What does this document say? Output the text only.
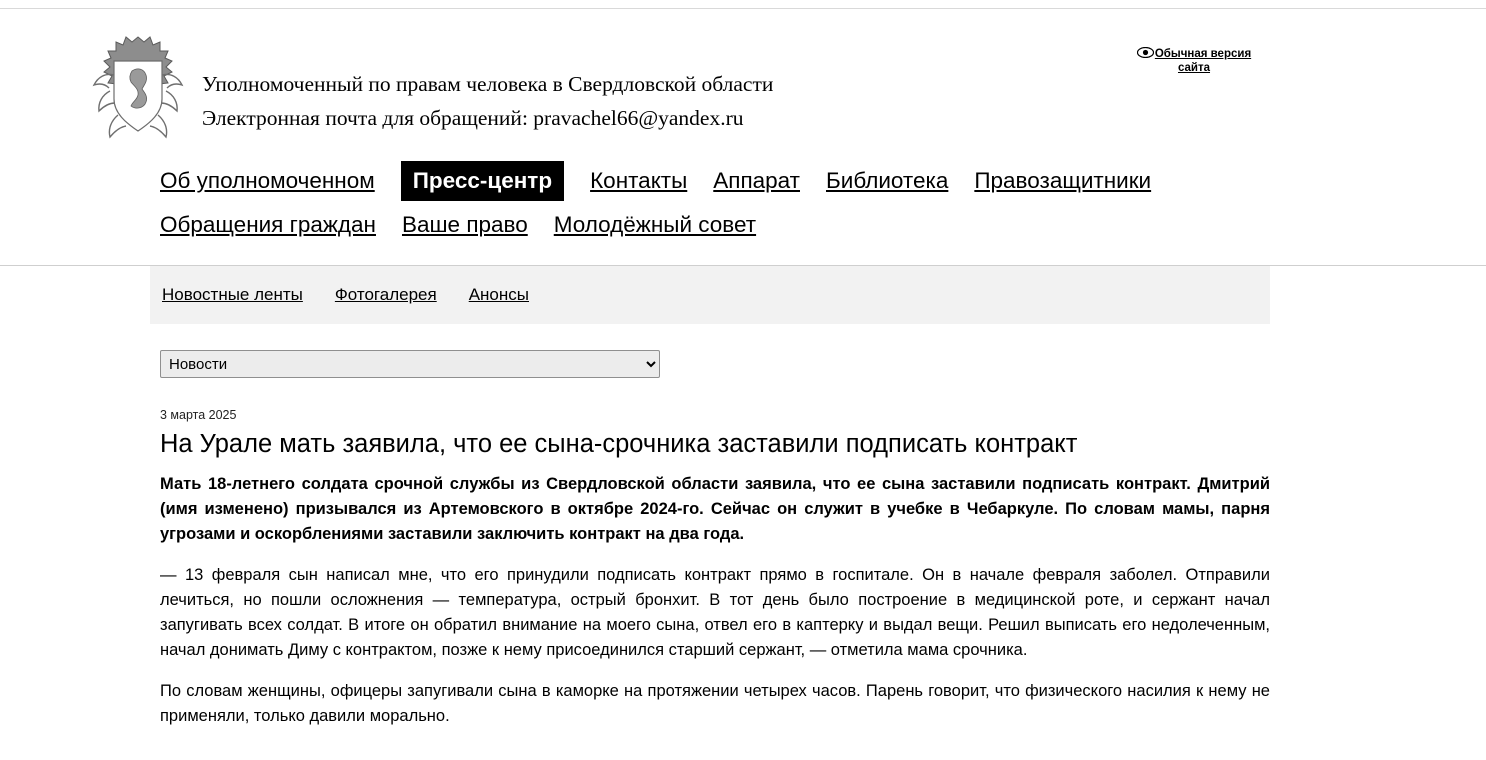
Уполномоченный по правам человека в Свердловской области
Электронная почта для обращений: pravachel66@yandex.ru
Обычная версия сайта
Об уполномоченном	Пресс-центр	Контакты Аппарат Библиотека Правозащитники
Обращения граждан Ваше право Молодёжный совет
Новостные ленты Фотогалерея Анонсы
Новости
3 марта 2025
На Урале мать заявила, что ее сына-срочника заставили подписать контракт

Мать 18-летнего солдата срочной службы из Свердловской области заявила, что ее сына заставили подписать контракт. Дмитрий (имя изменено) призывался из Артемовского в октябре 2024-го. Сейчас он служит в учебке в Чебаркуле. По словам мамы, парня угрозами и оскорблениями заставили заключить контракт на два года.

— 13 февраля сын написал мне, что его принудили подписать контракт прямо в госпитале. Он в начале февраля заболел. Отправили лечиться, но пошли осложнения — температура, острый бронхит. В тот день было построение в медицинской роте, и сержант начал запугивать всех солдат. В итоге он обратил внимание на моего сына, отвел его в каптерку и выдал вещи. Решил выписать его недолеченным, начал донимать Диму с контрактом, позже к нему присоединился старший сержант, — отметила мама срочника.

По словам женщины, офицеры запугивали сына в каморке на протяжении четырех часов. Парень говорит, что физического насилия к нему не применяли, только давили морально.
